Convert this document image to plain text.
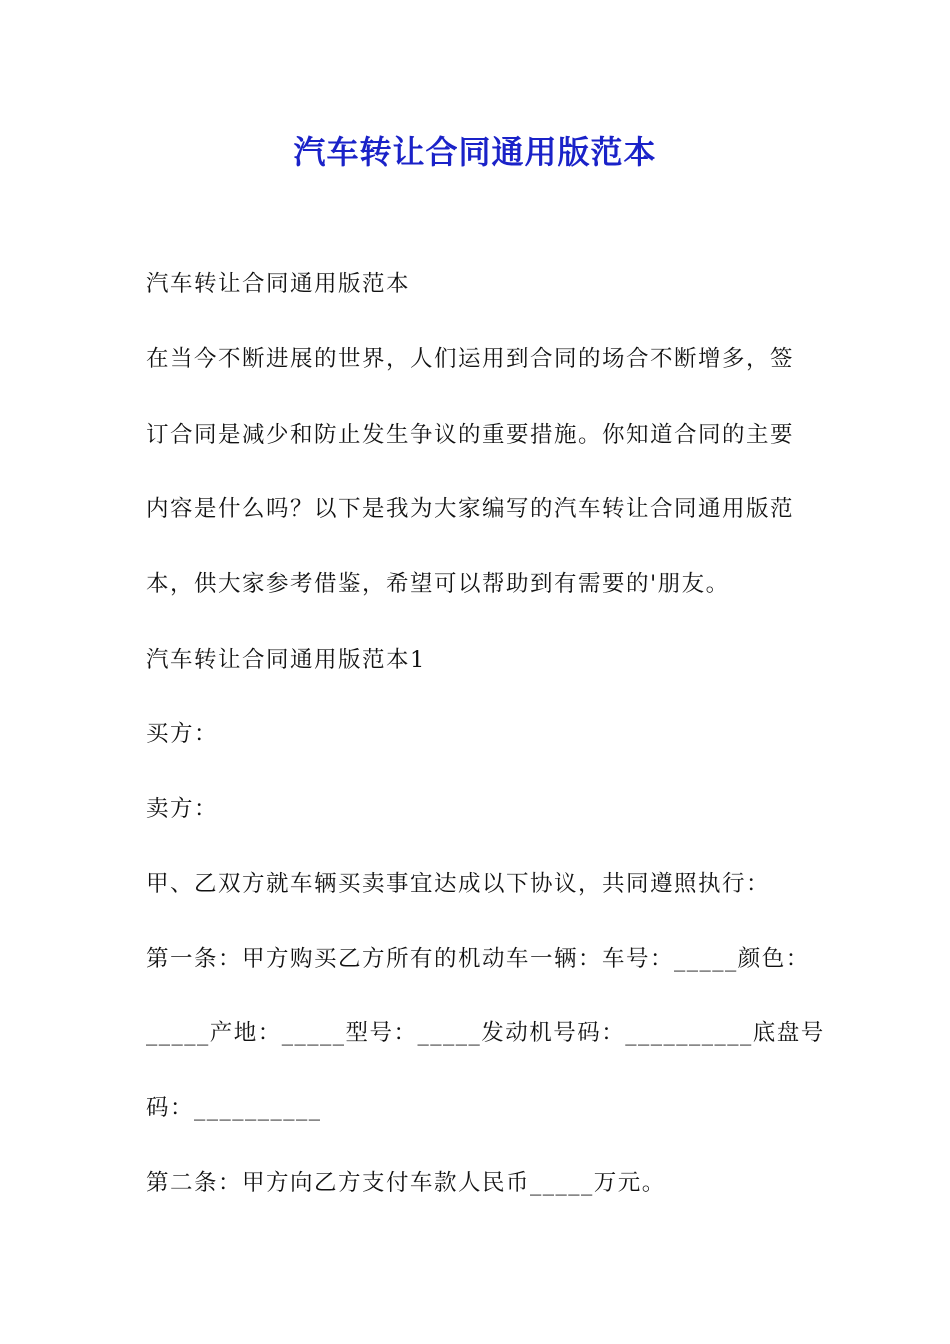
汽车转让合同通用版范本
汽车转让合同通用版范本
在当今不断进展的世界，人们运用到合同的场合不断增多，签
订合同是减少和防止发生争议的重要措施。你知道合同的主要
内容是什么吗？以下是我为大家编写的汽车转让合同通用版范
本，供大家参考借鉴，希望可以帮助到有需要的'朋友。
汽车转让合同通用版范本1
买方：
卖方：
甲、乙双方就车辆买卖事宜达成以下协议，共同遵照执行：
第一条：甲方购买乙方所有的机动车一辆：车号：_____颜色：
_____产地：_____型号：_____发动机号码：__________底盘号
码：__________
第二条：甲方向乙方支付车款人民币_____万元。
